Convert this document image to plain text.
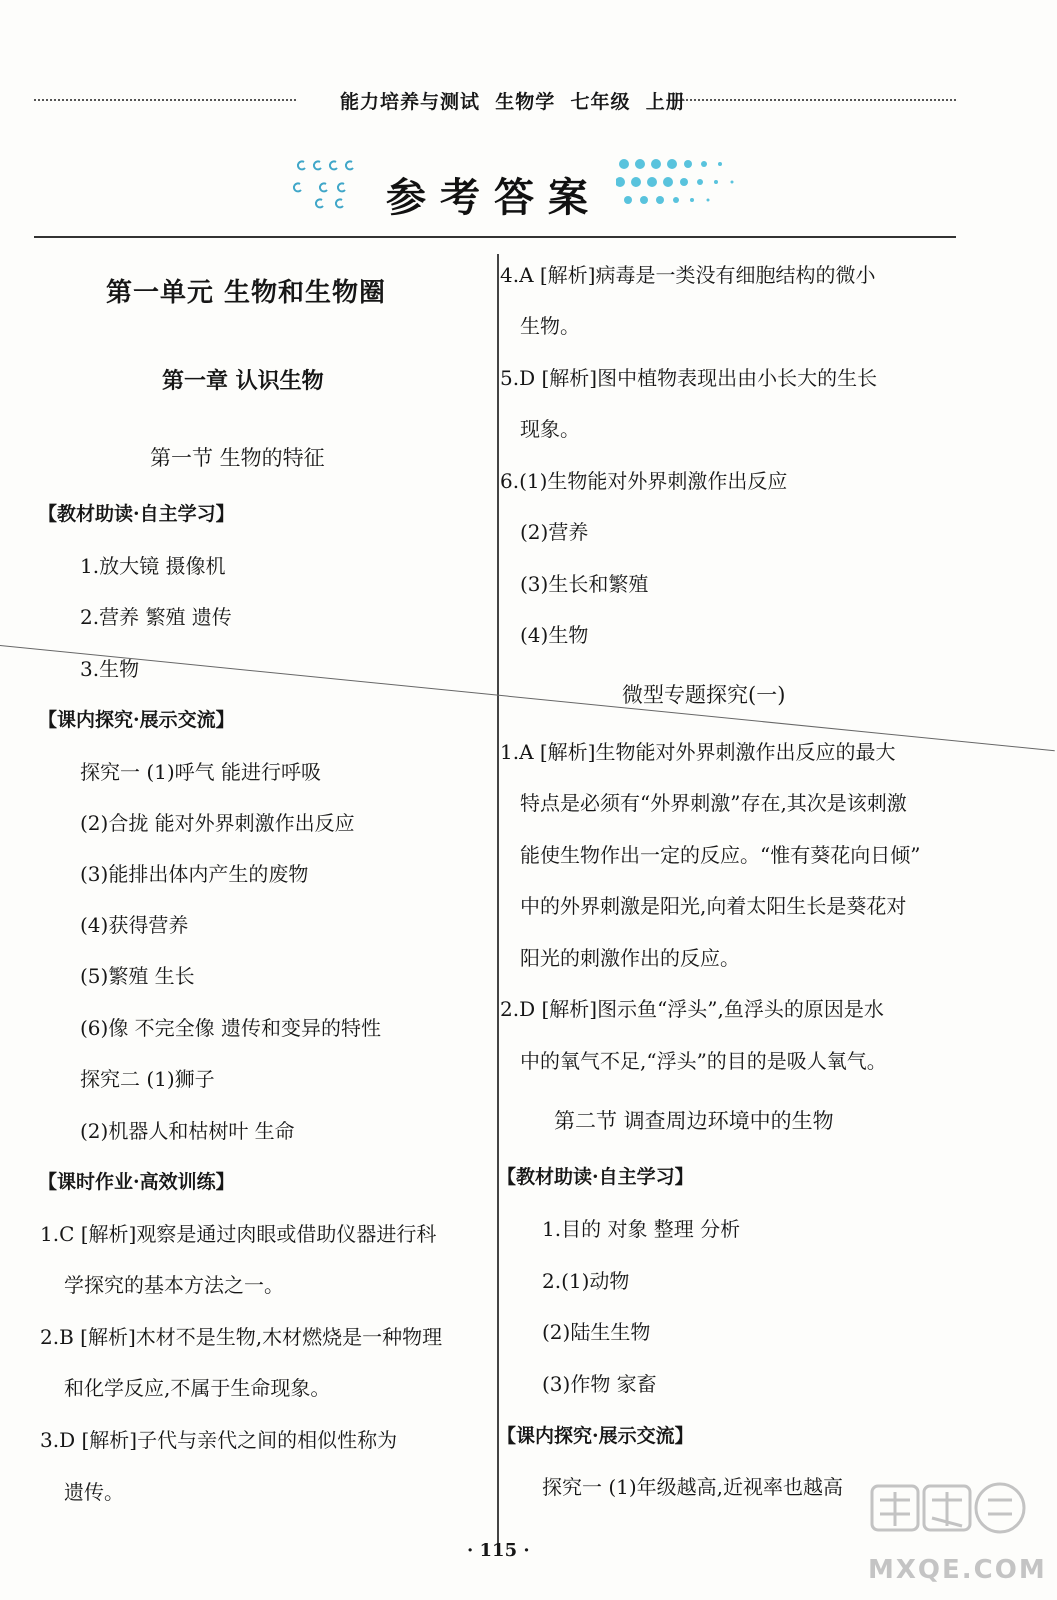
能力培养与测试  生物学  七年级  上册
参考答案
第一单元 生物和生物圈
第一章 认识生物
第一节 生物的特征
【教材助读·自主学习】
1.放大镜 摄像机
2.营养 繁殖 遗传
3.生物
【课内探究·展示交流】
探究一 (1)呼气 能进行呼吸
(2)合拢 能对外界刺激作出反应
(3)能排出体内产生的废物
(4)获得营养
(5)繁殖 生长
(6)像 不完全像 遗传和变异的特性
探究二 (1)狮子
(2)机器人和枯树叶 生命
【课时作业·高效训练】
1.C [解析]观察是通过肉眼或借助仪器进行科
学探究的基本方法之一。
2.B [解析]木材不是生物,木材燃烧是一种物理
和化学反应,不属于生命现象。
3.D [解析]子代与亲代之间的相似性称为
遗传。
4.A [解析]病毒是一类没有细胞结构的微小
生物。
5.D [解析]图中植物表现出由小长大的生长
现象。
6.(1)生物能对外界刺激作出反应
(2)营养
(3)生长和繁殖
(4)生物
微型专题探究(一)
1.A [解析]生物能对外界刺激作出反应的最大
特点是必须有“外界刺激”存在,其次是该刺激
能使生物作出一定的反应。“惟有葵花向日倾”
中的外界刺激是阳光,向着太阳生长是葵花对
阳光的刺激作出的反应。
2.D [解析]图示鱼“浮头”,鱼浮头的原因是水
中的氧气不足,“浮头”的目的是吸人氧气。
第二节 调查周边环境中的生物
【教材助读·自主学习】
1.目的 对象 整理 分析
2.(1)动物
(2)陆生生物
(3)作物 家畜
【课内探究·展示交流】
探究一 (1)年级越高,近视率也越高
· 115 ·
MXQE.COM
